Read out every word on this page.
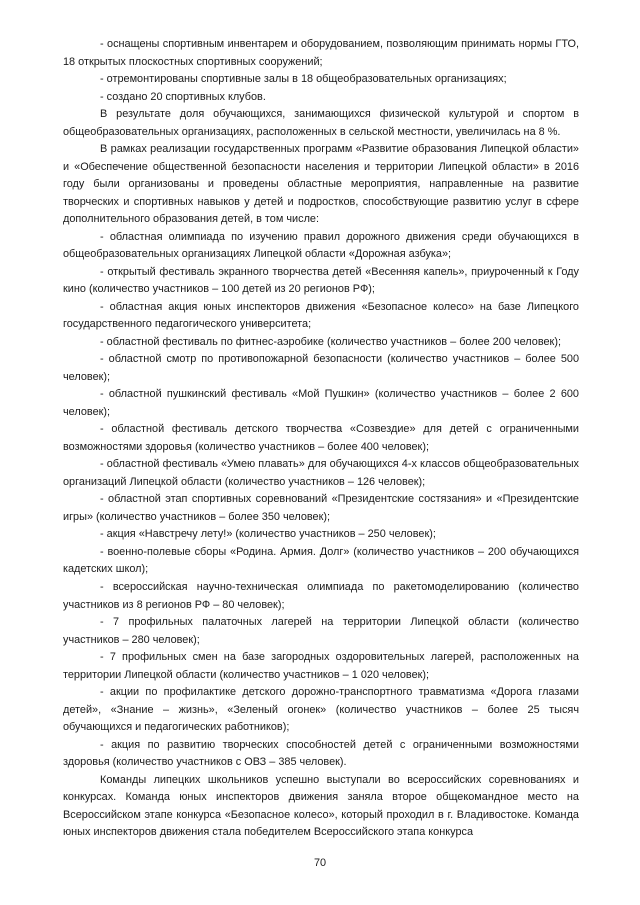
- оснащены спортивным инвентарем и оборудованием, позволяющим принимать нормы ГТО, 18 открытых плоскостных спортивных сооружений;

- отремонтированы спортивные залы в 18 общеобразовательных организациях;

- создано 20 спортивных клубов.

В результате доля обучающихся, занимающихся физической культурой и спортом в общеобразовательных организациях, расположенных в сельской местности, увеличилась на 8 %.

В рамках реализации государственных программ «Развитие образования Липецкой области» и «Обеспечение общественной безопасности населения и территории Липецкой области» в 2016 году были организованы и проведены областные мероприятия, направленные на развитие творческих и спортивных навыков у детей и подростков, способствующие развитию услуг в сфере дополнительного образования детей, в том числе:

- областная олимпиада по изучению правил дорожного движения среди обучающихся в общеобразовательных организациях Липецкой области «Дорожная азбука»;

- открытый фестиваль экранного творчества детей «Весенняя капель», приуроченный к Году кино (количество участников – 100 детей из 20 регионов РФ);

- областная акция юных инспекторов движения «Безопасное колесо» на базе Липецкого государственного педагогического университета;

- областной фестиваль по фитнес-аэробике (количество участников – более 200 человек);

- областной смотр по противопожарной безопасности (количество участников – более 500 человек);

- областной пушкинский фестиваль «Мой Пушкин» (количество участников – более 2 600 человек);

- областной фестиваль детского творчества «Созвездие» для детей с ограниченными возможностями здоровья (количество участников – более 400 человек);

- областной фестиваль «Умею плавать» для обучающихся 4-х классов общеобразовательных организаций Липецкой области (количество участников – 126 человек);

- областной этап спортивных соревнований «Президентские состязания» и «Президентские игры» (количество участников – более 350 человек);

- акция «Навстречу лету!» (количество участников – 250 человек);

- военно-полевые сборы «Родина. Армия. Долг» (количество участников – 200 обучающихся кадетских школ);

- всероссийская научно-техническая олимпиада по ракетомоделированию (количество участников из 8 регионов РФ – 80 человек);

- 7 профильных палаточных лагерей на территории Липецкой области (количество участников – 280 человек);

- 7 профильных смен на базе загородных оздоровительных лагерей, расположенных на территории Липецкой области (количество участников – 1 020 человек);

- акции по профилактике детского дорожно-транспортного травматизма «Дорога глазами детей», «Знание – жизнь», «Зеленый огонек» (количество участников – более 25 тысяч обучающихся и педагогических работников);

- акция по развитию творческих способностей детей с ограниченными возможностями здоровья (количество участников с ОВЗ – 385 человек).

Команды липецких школьников успешно выступали во всероссийских соревнованиях и конкурсах. Команда юных инспекторов движения заняла второе общекомандное место на Всероссийском этапе конкурса «Безопасное колесо», который проходил в г. Владивостоке. Команда юных инспекторов движения стала победителем Всероссийского этапа конкурса

70
